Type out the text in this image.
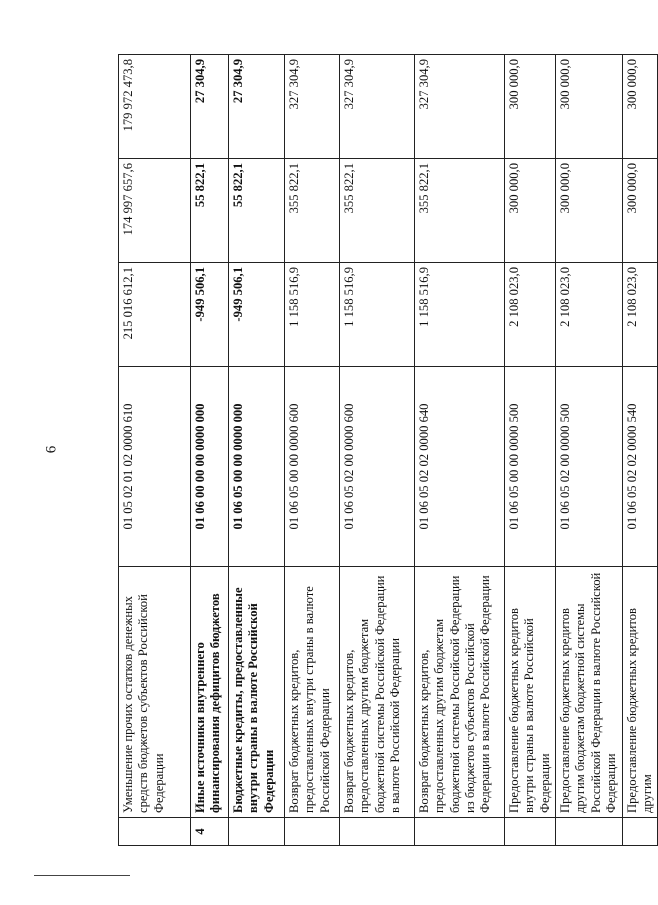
6
	Уменьшение прочих остатков денежных средств бюджетов субъектов Российской Федерации	01 05 02 01 02 0000 610	215 016 612,1	174 997 657,6	179 972 473,8
4	Иные источники внутреннего финансирования дефицитов бюджетов	01 06 00 00 00 0000 000	-949 506,1	55 822,1	27 304,9
	Бюджетные кредиты, предоставленные внутри страны в валюте Российской Федерации	01 06 05 00 00 0000 000	-949 506,1	55 822,1	27 304,9
	Возврат бюджетных кредитов, предоставленных внутри страны в валюте Российской Федерации	01 06 05 00 00 0000 600	1 158 516,9	355 822,1	327 304,9
	Возврат бюджетных кредитов, предоставленных другим бюджетам бюджетной системы Российской Федерации в валюте Российской Федерации	01 06 05 02 00 0000 600	1 158 516,9	355 822,1	327 304,9
	Возврат бюджетных кредитов, предоставленных другим бюджетам бюджетной системы Российской Федерации из бюджетов субъектов Российской Федерации в валюте Российской Федерации	01 06 05 02 02 0000 640	1 158 516,9	355 822,1	327 304,9
	Предоставление бюджетных кредитов внутри страны в валюте Российской Федерации	01 06 05 00 00 0000 500	2 108 023,0	300 000,0	300 000,0
	Предоставление бюджетных кредитов другим бюджетам бюджетной системы Российской Федерации в валюте Российской Федерации	01 06 05 02 00 0000 500	2 108 023,0	300 000,0	300 000,0
	Предоставление бюджетных кредитов другим	01 06 05 02 02 0000 540	2 108 023,0	300 000,0	300 000,0
